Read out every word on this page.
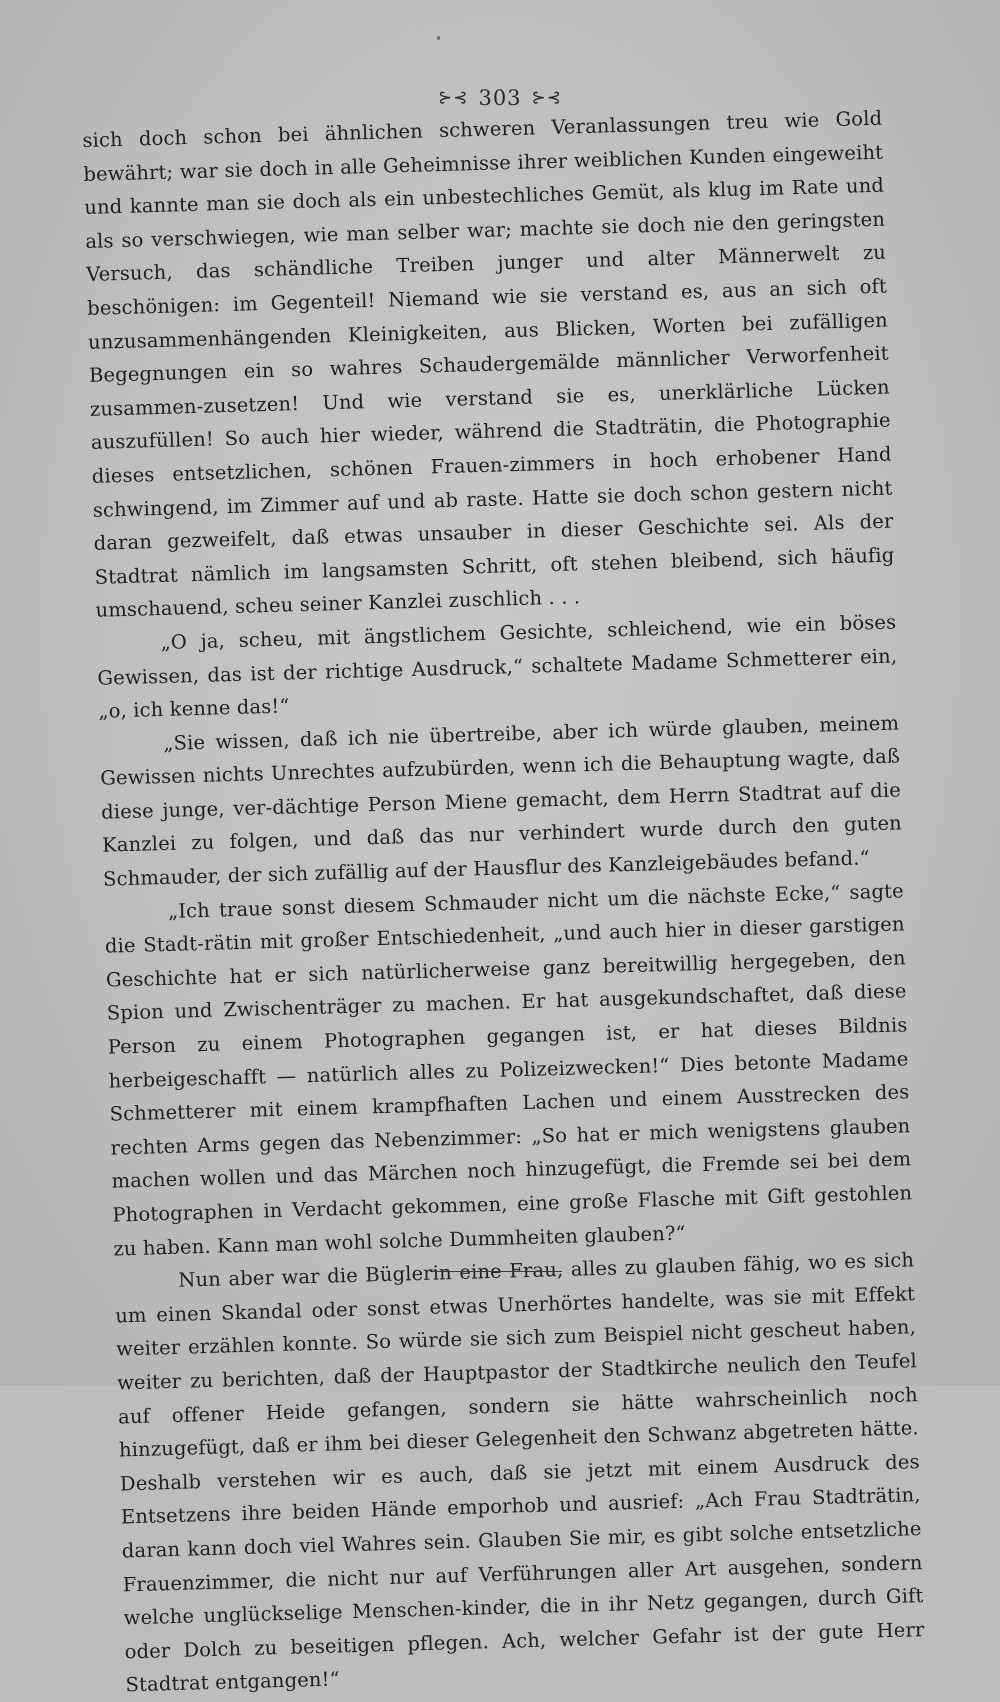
⊱⊰ 303 ⊱⊰

sich doch schon bei ähnlichen schweren Veranlassungen treu wie Gold bewährt; war sie doch in alle Geheimnisse ihrer weiblichen Kunden eingeweiht und kannte man sie doch als ein unbestechliches Gemüt, als klug im Rate und als so verschwiegen, wie man selber war; machte sie doch nie den geringsten Versuch, das schändliche Treiben junger und alter Männerwelt zu beschönigen: im Gegenteil! Niemand wie sie verstand es, aus an sich oft unzusammenhängenden Kleinigkeiten, aus Blicken, Worten bei zufälligen Begegnungen ein so wahres Schaudergemälde männlicher Verworfenheit zusammen-zusetzen! Und wie verstand sie es, unerklärliche Lücken auszufüllen! So auch hier wieder, während die Stadträtin, die Photographie dieses entsetzlichen, schönen Frauen-zimmers in hoch erhobener Hand schwingend, im Zimmer auf und ab raste. Hatte sie doch schon gestern nicht daran gezweifelt, daß etwas unsauber in dieser Geschichte sei. Als der Stadtrat nämlich im langsamsten Schritt, oft stehen bleibend, sich häufig umschauend, scheu seiner Kanzlei zuschlich . . .

„O ja, scheu, mit ängstlichem Gesichte, schleichend, wie ein böses Gewissen, das ist der richtige Ausdruck,“ schaltete Madame Schmetterer ein, „o, ich kenne das!“

„Sie wissen, daß ich nie übertreibe, aber ich würde glauben, meinem Gewissen nichts Unrechtes aufzubürden, wenn ich die Behauptung wagte, daß diese junge, ver-dächtige Person Miene gemacht, dem Herrn Stadtrat auf die Kanzlei zu folgen, und daß das nur verhindert wurde durch den guten Schmauder, der sich zufällig auf der Hausflur des Kanzleigebäudes befand.“

„Ich traue sonst diesem Schmauder nicht um die nächste Ecke,“ sagte die Stadt-rätin mit großer Entschiedenheit, „und auch hier in dieser garstigen Geschichte hat er sich natürlicherweise ganz bereitwillig hergegeben, den Spion und Zwischenträger zu machen. Er hat ausgekundschaftet, daß diese Person zu einem Photographen gegangen ist, er hat dieses Bildnis herbeigeschafft — natürlich alles zu Polizeizwecken!“ Dies betonte Madame Schmetterer mit einem krampfhaften Lachen und einem Ausstrecken des rechten Arms gegen das Nebenzimmer: „So hat er mich wenigstens glauben machen wollen und das Märchen noch hinzugefügt, die Fremde sei bei dem Photographen in Verdacht gekommen, eine große Flasche mit Gift gestohlen zu haben. Kann man wohl solche Dummheiten glauben?“

Nun aber war die Büglerin eine Frau, alles zu glauben fähig, wo es sich um einen Skandal oder sonst etwas Unerhörtes handelte, was sie mit Effekt weiter erzählen konnte. So würde sie sich zum Beispiel nicht gescheut haben, weiter zu berichten, daß der Hauptpastor der Stadtkirche neulich den Teufel auf offener Heide gefangen, sondern sie hätte wahrscheinlich noch hinzugefügt, daß er ihm bei dieser Gelegenheit den Schwanz abgetreten hätte. Deshalb verstehen wir es auch, daß sie jetzt mit einem Ausdruck des Entsetzens ihre beiden Hände emporhob und ausrief: „Ach Frau Stadträtin, daran kann doch viel Wahres sein. Glauben Sie mir, es gibt solche entsetzliche Frauenzimmer, die nicht nur auf Verführungen aller Art ausgehen, sondern welche unglückselige Menschen-kinder, die in ihr Netz gegangen, durch Gift oder Dolch zu beseitigen pflegen. Ach, welcher Gefahr ist der gute Herr Stadtrat entgangen!“
